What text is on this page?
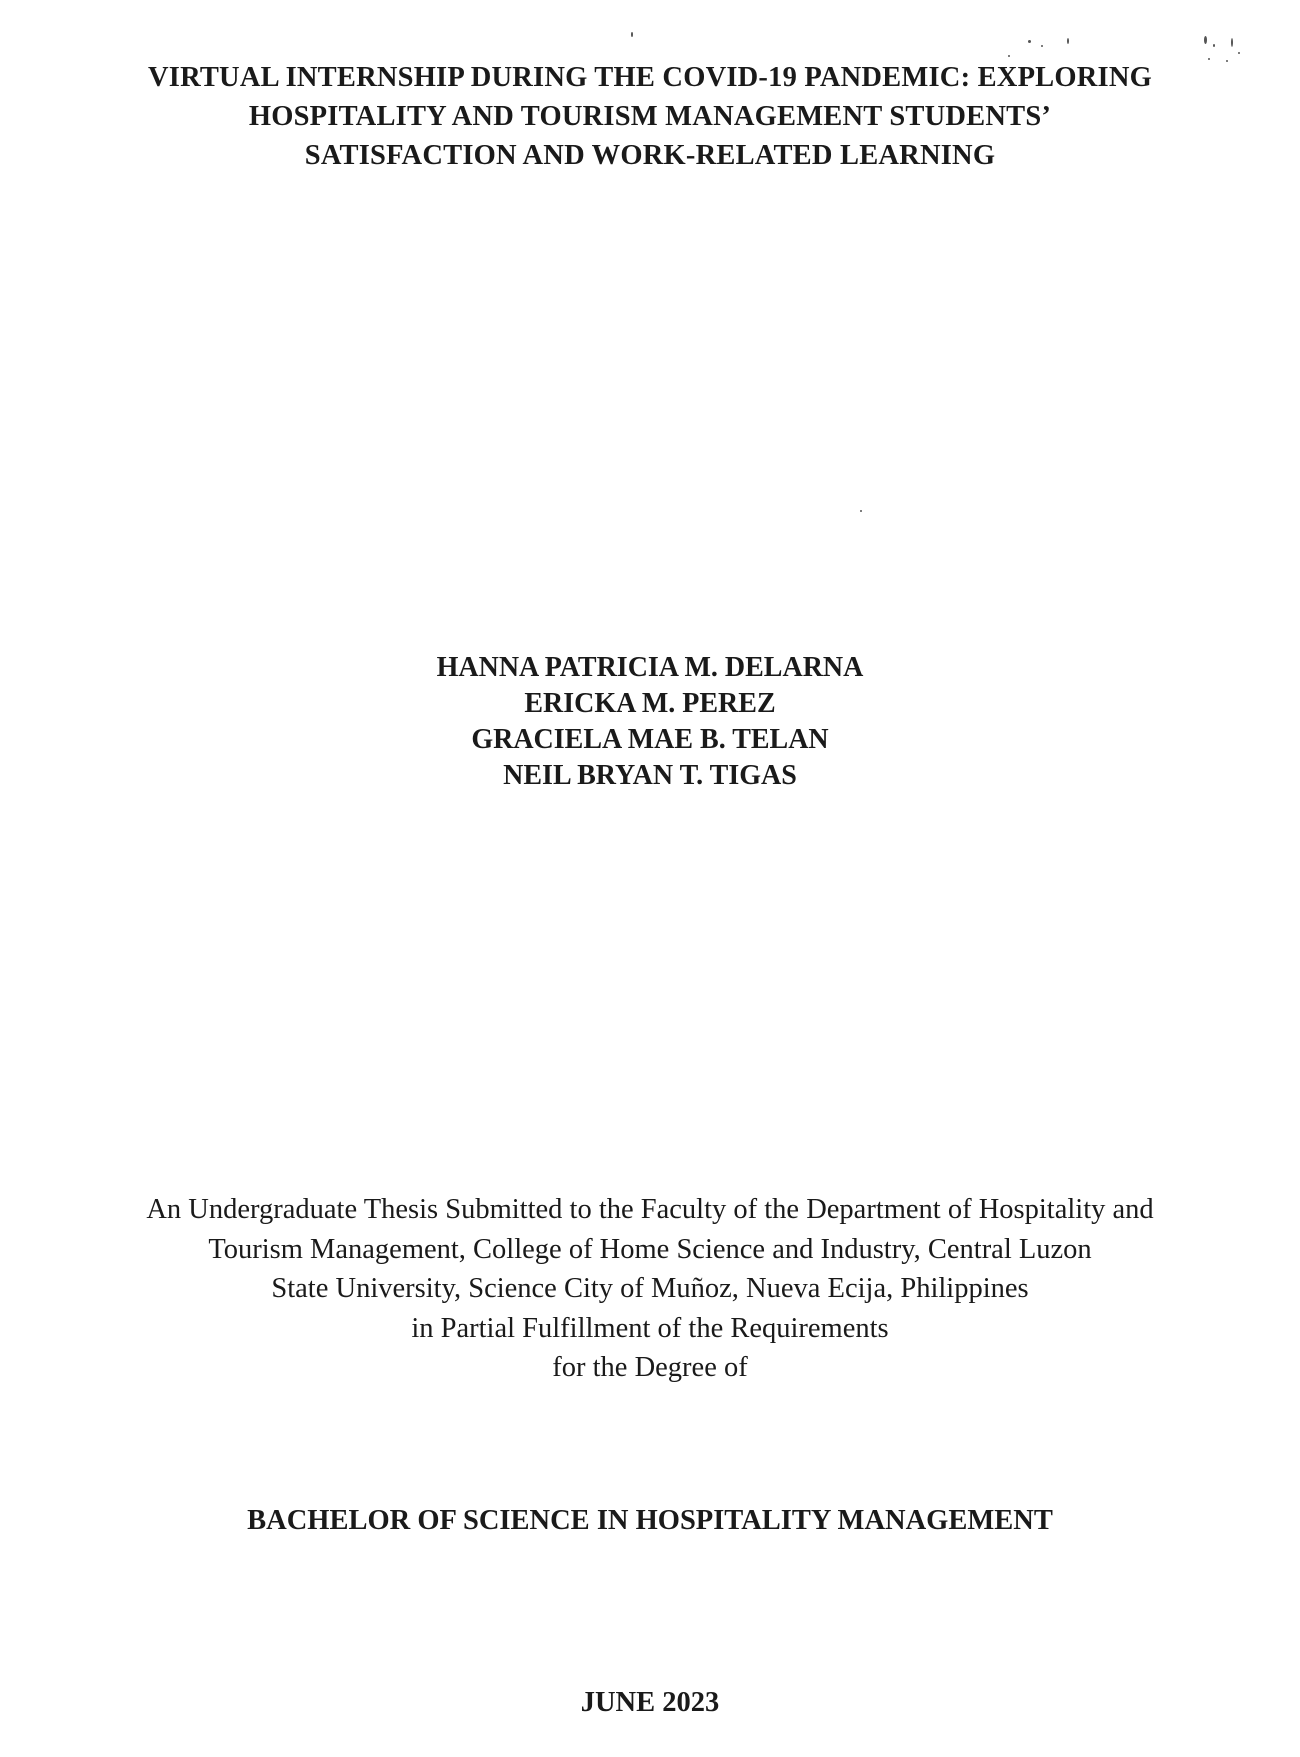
VIRTUAL INTERNSHIP DURING THE COVID-19 PANDEMIC: EXPLORING
HOSPITALITY AND TOURISM MANAGEMENT STUDENTS’
SATISFACTION AND WORK-RELATED LEARNING
HANNA PATRICIA M. DELARNA
ERICKA M. PEREZ
GRACIELA MAE B. TELAN
NEIL BRYAN T. TIGAS
An Undergraduate Thesis Submitted to the Faculty of the Department of Hospitality and
Tourism Management, College of Home Science and Industry, Central Luzon
State University, Science City of Muñoz, Nueva Ecija, Philippines
in Partial Fulfillment of the Requirements
for the Degree of
BACHELOR OF SCIENCE IN HOSPITALITY MANAGEMENT
JUNE 2023
